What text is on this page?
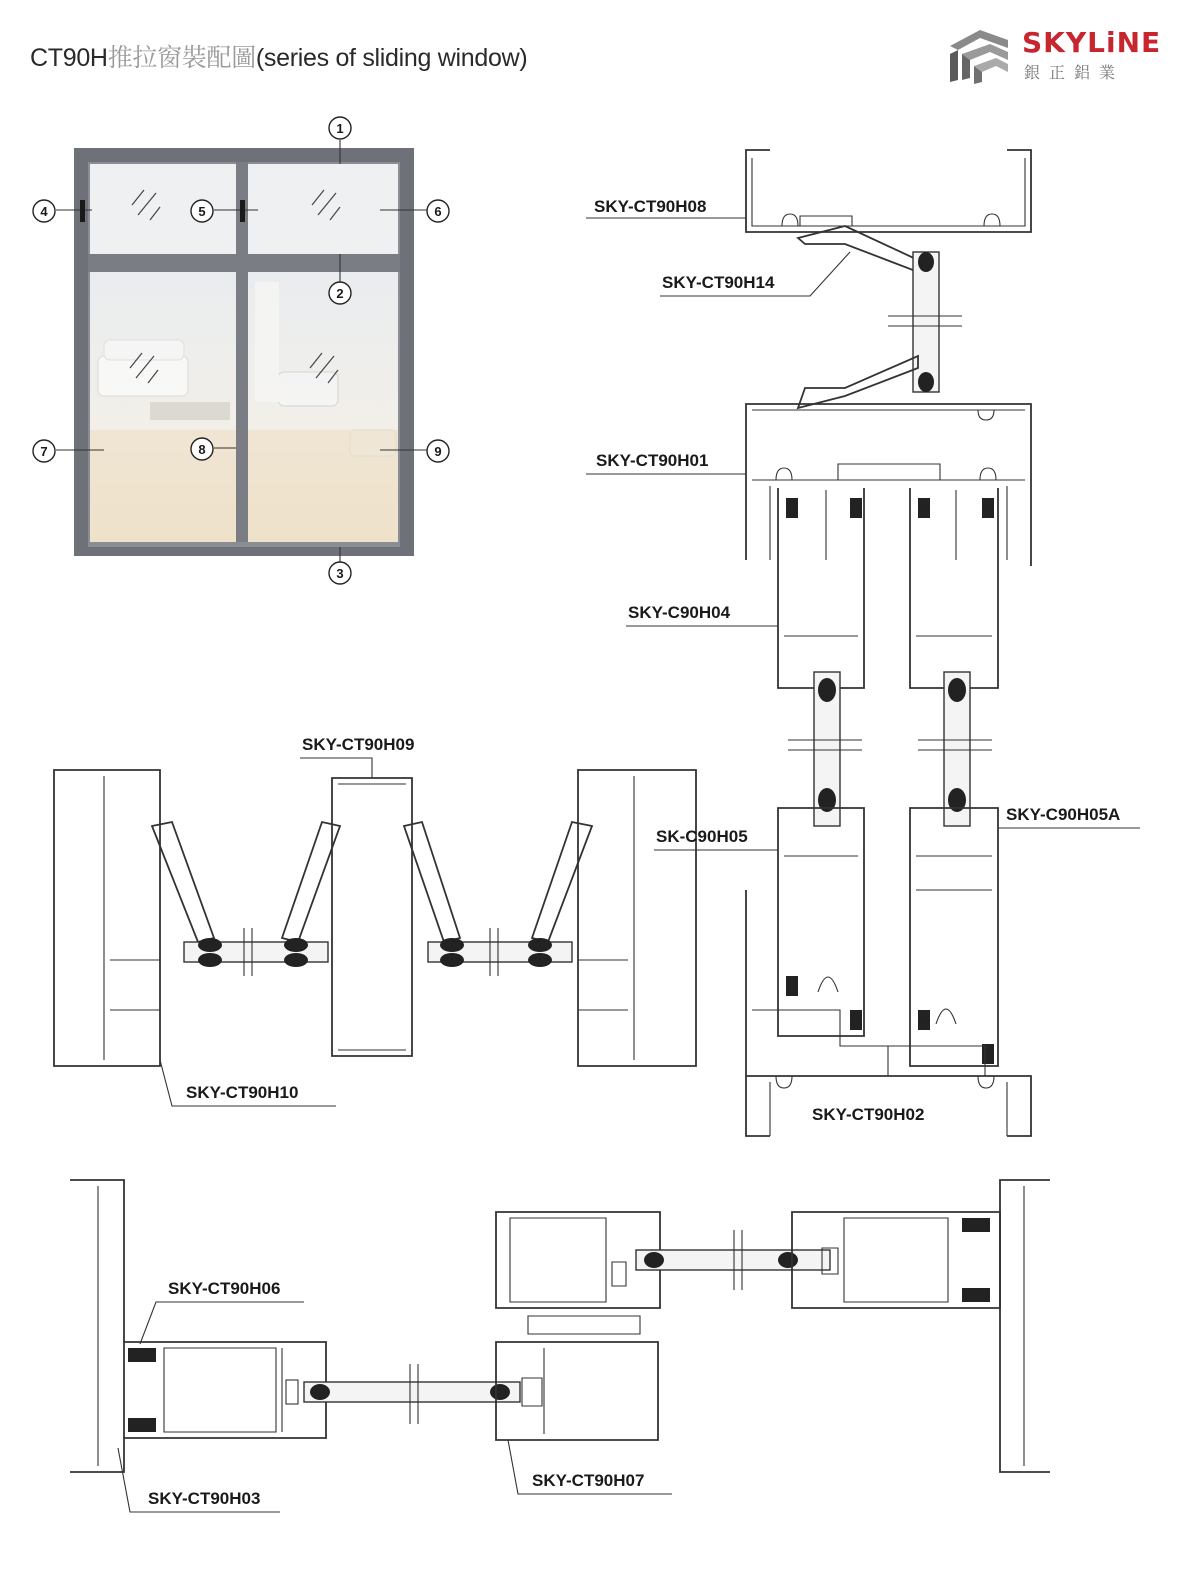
CT90H推拉窗裝配圖(series of sliding window)	SKYLiNE
銀正鋁業
1
2
3
4	5	6
7	8	9
SKY-CT90H08
SKY-CT90H14
SKY-CT90H01
SKY-C90H04
SK-C90H05
SKY-C90H05A
SKY-CT90H02
SKY-CT90H09
SKY-CT90H10
SKY-CT90H06
SKY-CT90H03
SKY-CT90H07
